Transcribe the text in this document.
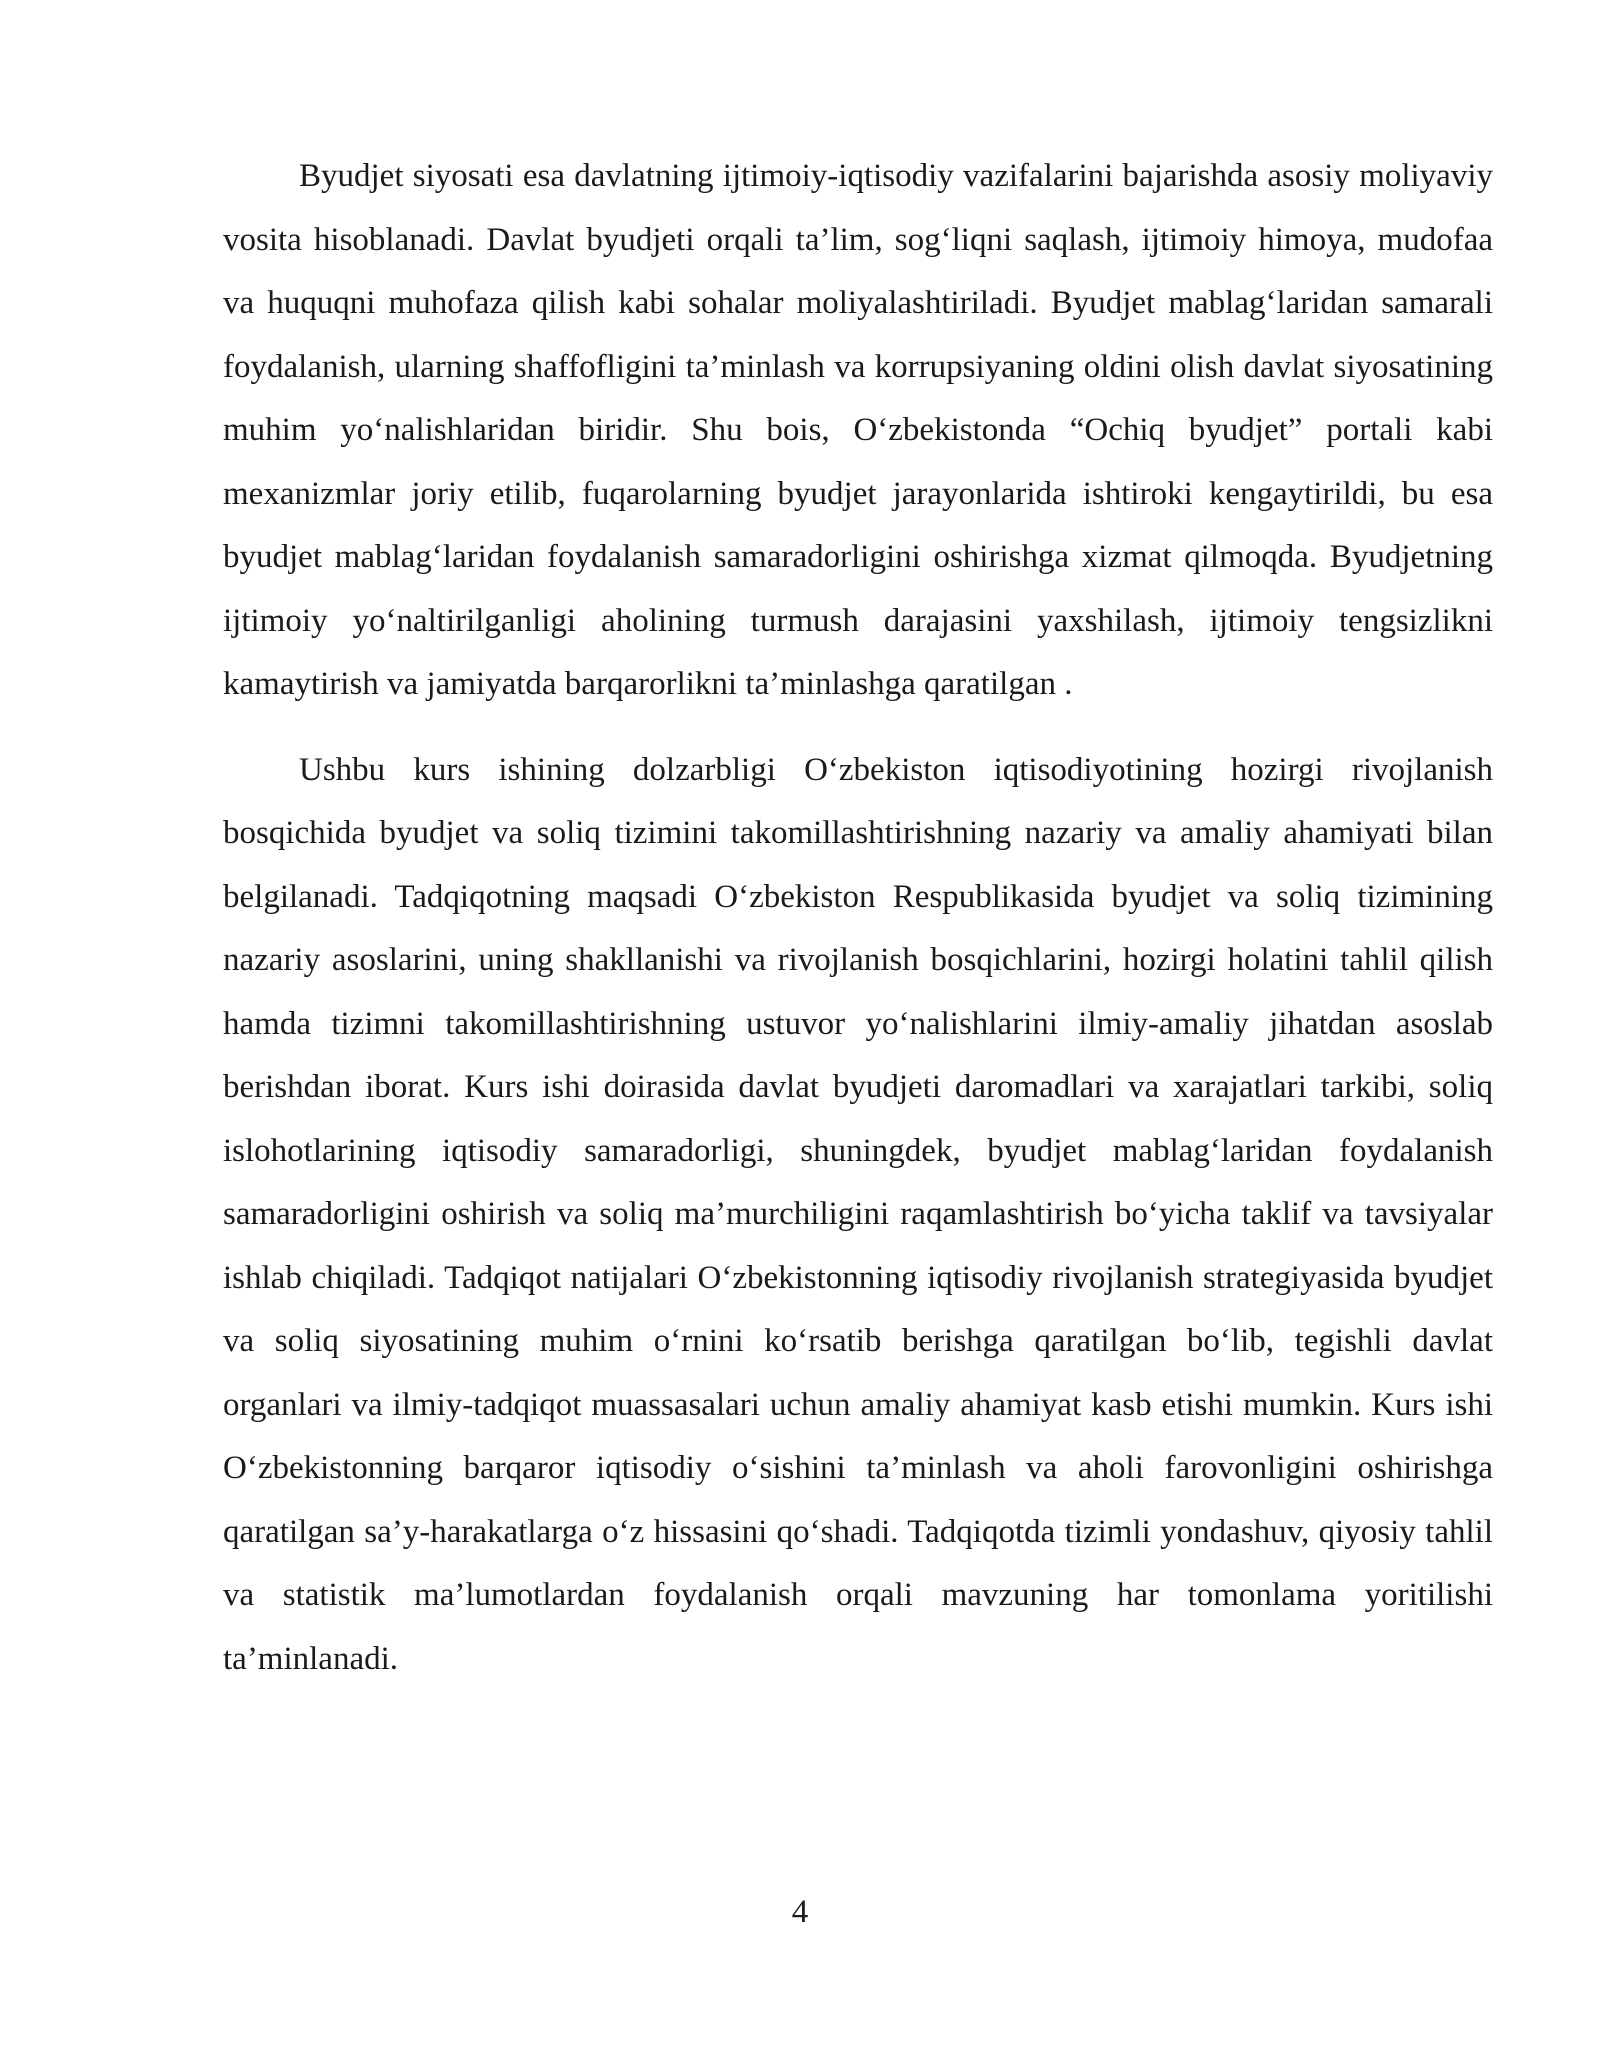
Byudjet siyosati esa davlatning ijtimoiy-iqtisodiy vazifalarini bajarishda asosiy moliyaviy vosita hisoblanadi. Davlat byudjeti orqali ta’lim, sog‘liqni saqlash, ijtimoiy himoya, mudofaa va huquqni muhofaza qilish kabi sohalar moliyalashtiriladi. Byudjet mablag‘laridan samarali foydalanish, ularning shaffofligini ta’minlash va korrupsiyaning oldini olish davlat siyosatining muhim yo‘nalishlaridan biridir. Shu bois, O‘zbekistonda “Ochiq byudjet” portali kabi mexanizmlar joriy etilib, fuqarolarning byudjet jarayonlarida ishtiroki kengaytirildi, bu esa byudjet mablag‘laridan foydalanish samaradorligini oshirishga xizmat qilmoqda. Byudjetning ijtimoiy yo‘naltirilganligi aholining turmush darajasini yaxshilash, ijtimoiy tengsizlikni kamaytirish va jamiyatda barqarorlikni ta’minlashga qaratilgan .

Ushbu kurs ishining dolzarbligi O‘zbekiston iqtisodiyotining hozirgi rivojlanish bosqichida byudjet va soliq tizimini takomillashtirishning nazariy va amaliy ahamiyati bilan belgilanadi. Tadqiqotning maqsadi O‘zbekiston Respublikasida byudjet va soliq tizimining nazariy asoslarini, uning shakllanishi va rivojlanish bosqichlarini, hozirgi holatini tahlil qilish hamda tizimni takomillashtirishning ustuvor yo‘nalishlarini ilmiy-amaliy jihatdan asoslab berishdan iborat. Kurs ishi doirasida davlat byudjeti daromadlari va xarajatlari tarkibi, soliq islohotlarining iqtisodiy samaradorligi, shuningdek, byudjet mablag‘laridan foydalanish samaradorligini oshirish va soliq ma’murchiligini raqamlashtirish bo‘yicha taklif va tavsiyalar ishlab chiqiladi. Tadqiqot natijalari O‘zbekistonning iqtisodiy rivojlanish strategiyasida byudjet va soliq siyosatining muhim o‘rnini ko‘rsatib berishga qaratilgan bo‘lib, tegishli davlat organlari va ilmiy-tadqiqot muassasalari uchun amaliy ahamiyat kasb etishi mumkin. Kurs ishi O‘zbekistonning barqaror iqtisodiy o‘sishini ta’minlash va aholi farovonligini oshirishga qaratilgan sa’y-harakatlarga o‘z hissasini qo‘shadi. Tadqiqotda tizimli yondashuv, qiyosiy tahlil va statistik ma’lumotlardan foydalanish orqali mavzuning har tomonlama yoritilishi ta’minlanadi.

4
